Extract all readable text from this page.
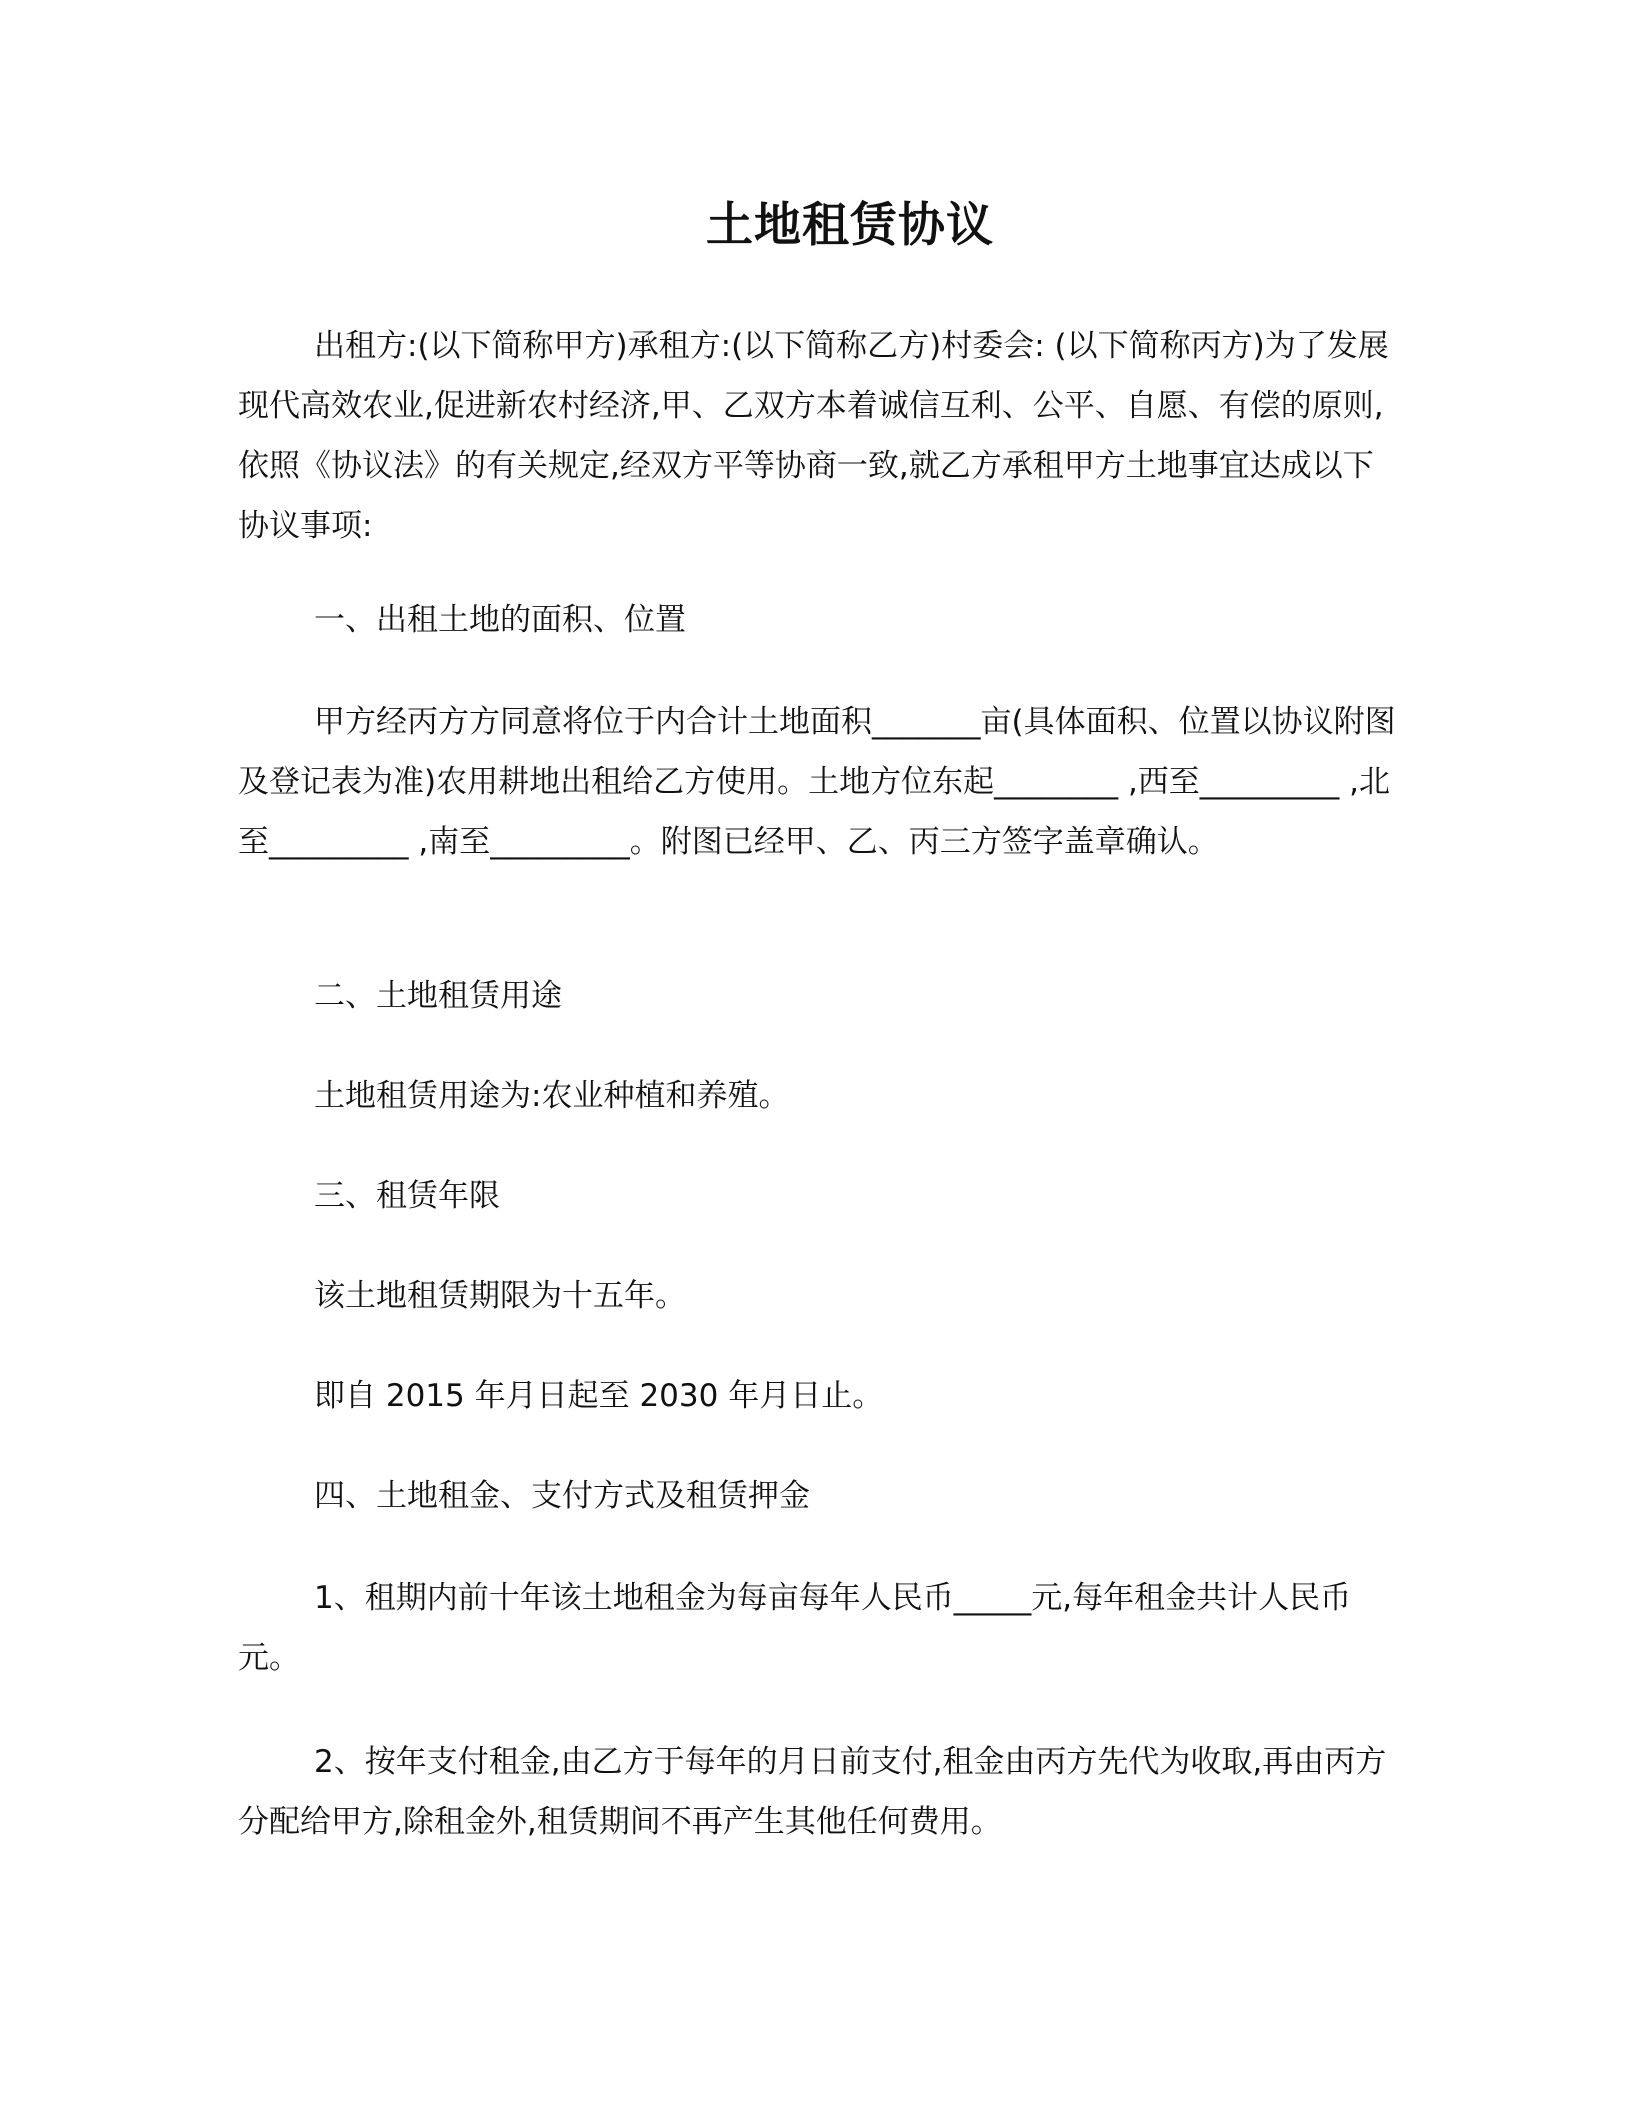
土地租赁协议

出租方:(以下简称甲方)承租方:(以下简称乙方)村委会: (以下简称丙方)为了发展现代高效农业,促进新农村经济,甲、乙双方本着诚信互利、公平、自愿、有偿的原则,依照《协议法》的有关规定,经双方平等协商一致,就乙方承租甲方土地事宜达成以下协议事项:

一、出租土地的面积、位置

甲方经丙方方同意将位于内合计土地面积_______亩(具体面积、位置以协议附图及登记表为准)农用耕地出租给乙方使用。土地方位东起________ ,西至_________ ,北至_________ ,南至_________。附图已经甲、乙、丙三方签字盖章确认。

二、土地租赁用途

土地租赁用途为:农业种植和养殖。

三、租赁年限

该土地租赁期限为十五年。

即自 2015 年月日起至 2030 年月日止。

四、土地租金、支付方式及租赁押金

1、租期内前十年该土地租金为每亩每年人民币_____元,每年租金共计人民币元。

2、按年支付租金,由乙方于每年的月日前支付,租金由丙方先代为收取,再由丙方分配给甲方,除租金外,租赁期间不再产生其他任何费用。
